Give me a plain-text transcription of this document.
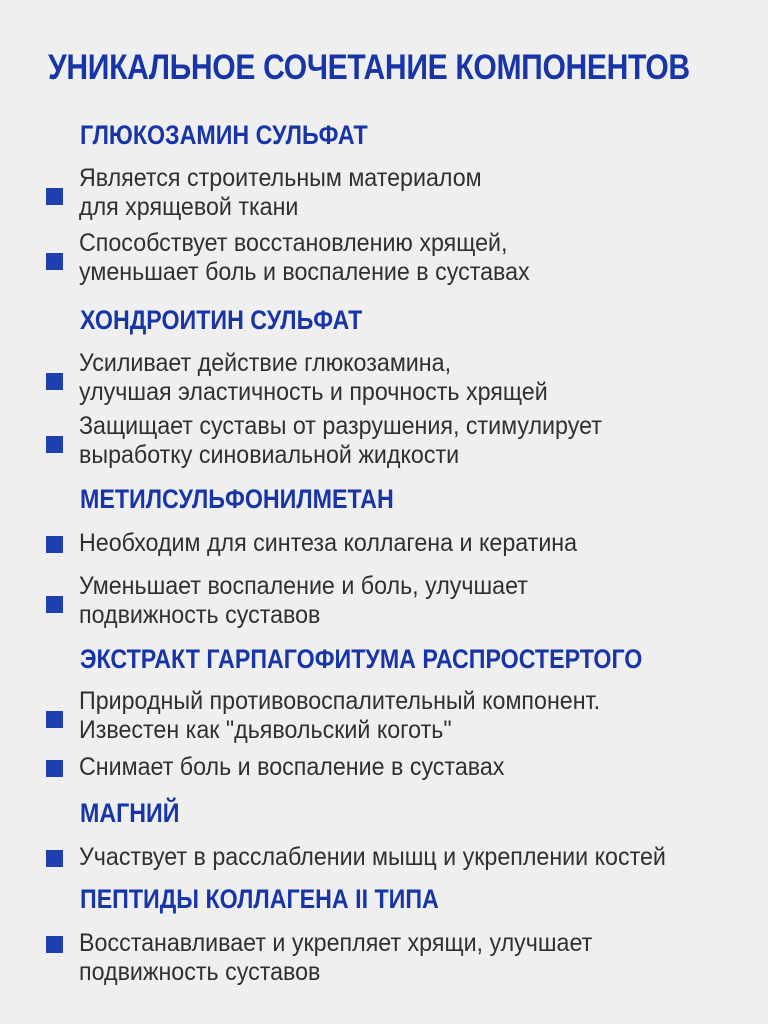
УНИКАЛЬНОЕ СОЧЕТАНИЕ КОМПОНЕНТОВ
ГЛЮКОЗАМИН СУЛЬФАТ
Является строительным материалом
для хрящевой ткани
Способствует восстановлению хрящей,
уменьшает боль и воспаление в суставах
ХОНДРОИТИН СУЛЬФАТ
Усиливает действие глюкозамина,
улучшая эластичность и прочность хрящей
Защищает суставы от разрушения, стимулирует
выработку синовиальной жидкости
МЕТИЛСУЛЬФОНИЛМЕТАН
Необходим для синтеза коллагена и кератина
Уменьшает воспаление и боль, улучшает
подвижность суставов
ЭКСТРАКТ ГАРПАГОФИТУМА РАСПРОСТЕРТОГО
Природный противовоспалительный компонент.
Известен как "дьявольский коготь"
Снимает боль и воспаление в суставах
МАГНИЙ
Участвует в расслаблении мышц и укреплении костей
ПЕПТИДЫ КОЛЛАГЕНА II ТИПА
Восстанавливает и укрепляет хрящи, улучшает
подвижность суставов
